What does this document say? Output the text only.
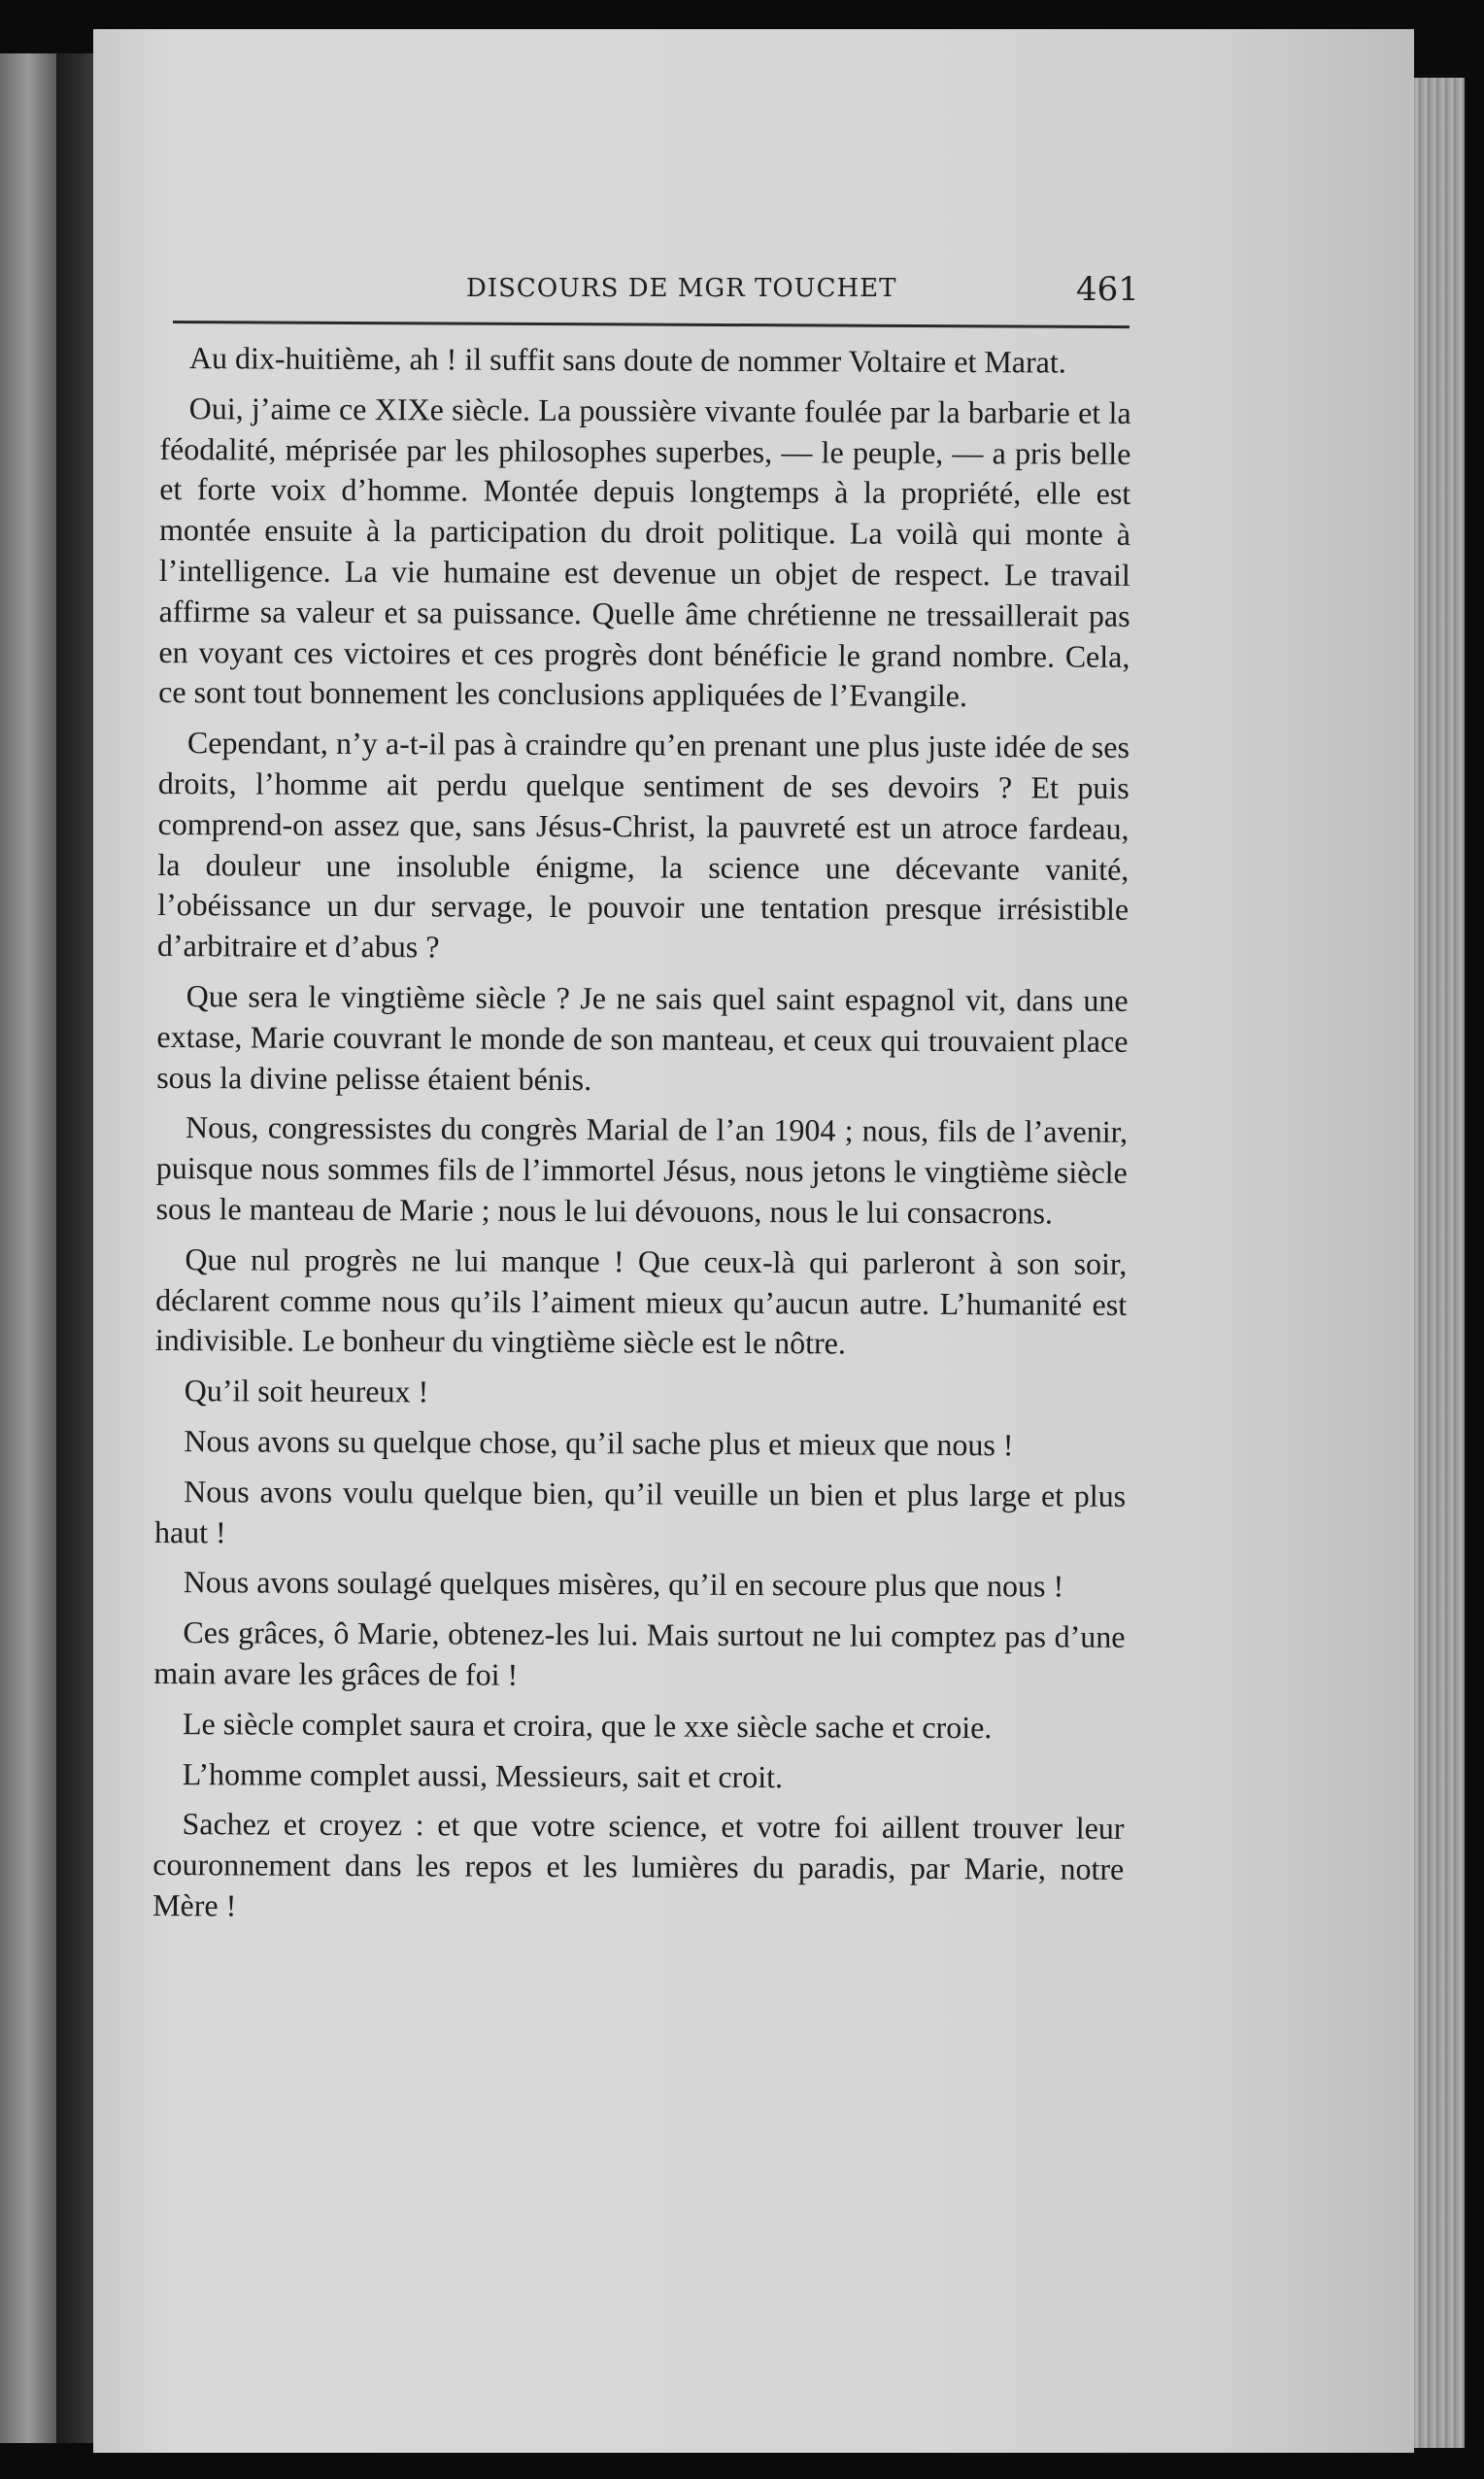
DISCOURS DE MGR TOUCHET	461

Au dix-huitième, ah ! il suffit sans doute de nommer Voltaire et Marat.

Oui, j’aime ce XIXe siècle. La poussière vivante foulée par la barbarie et la féodalité, méprisée par les philosophes superbes, — le peuple, — a pris belle et forte voix d’homme. Montée depuis longtemps à la propriété, elle est montée ensuite à la participation du droit politique. La voilà qui monte à l’intelligence. La vie humaine est devenue un objet de respect. Le travail affirme sa valeur et sa puissance. Quelle âme chrétienne ne tressaillerait pas en voyant ces victoires et ces progrès dont bénéficie le grand nombre. Cela, ce sont tout bonnement les conclusions appliquées de l’Evangile.

Cependant, n’y a-t-il pas à craindre qu’en prenant une plus juste idée de ses droits, l’homme ait perdu quelque sentiment de ses devoirs ? Et puis comprend-on assez que, sans Jésus-Christ, la pauvreté est un atroce fardeau, la douleur une insoluble énigme, la science une décevante vanité, l’obéissance un dur servage, le pouvoir une tentation presque irrésistible d’arbitraire et d’abus ?

Que sera le vingtième siècle ? Je ne sais quel saint espagnol vit, dans une extase, Marie couvrant le monde de son manteau, et ceux qui trouvaient place sous la divine pelisse étaient bénis.

Nous, congressistes du congrès Marial de l’an 1904 ; nous, fils de l’avenir, puisque nous sommes fils de l’immortel Jésus, nous jetons le vingtième siècle sous le manteau de Marie ; nous le lui dévouons, nous le lui consacrons.

Que nul progrès ne lui manque ! Que ceux-là qui parleront à son soir, déclarent comme nous qu’ils l’aiment mieux qu’aucun autre. L’humanité est indivisible. Le bonheur du vingtième siècle est le nôtre.

Qu’il soit heureux !

Nous avons su quelque chose, qu’il sache plus et mieux que nous !

Nous avons voulu quelque bien, qu’il veuille un bien et plus large et plus haut !

Nous avons soulagé quelques misères, qu’il en secoure plus que nous !

Ces grâces, ô Marie, obtenez-les lui. Mais surtout ne lui comptez pas d’une main avare les grâces de foi !

Le siècle complet saura et croira, que le xxe siècle sache et croie.

L’homme complet aussi, Messieurs, sait et croit.

Sachez et croyez : et que votre science, et votre foi aillent trouver leur couronnement dans les repos et les lumières du paradis, par Marie, notre Mère !
